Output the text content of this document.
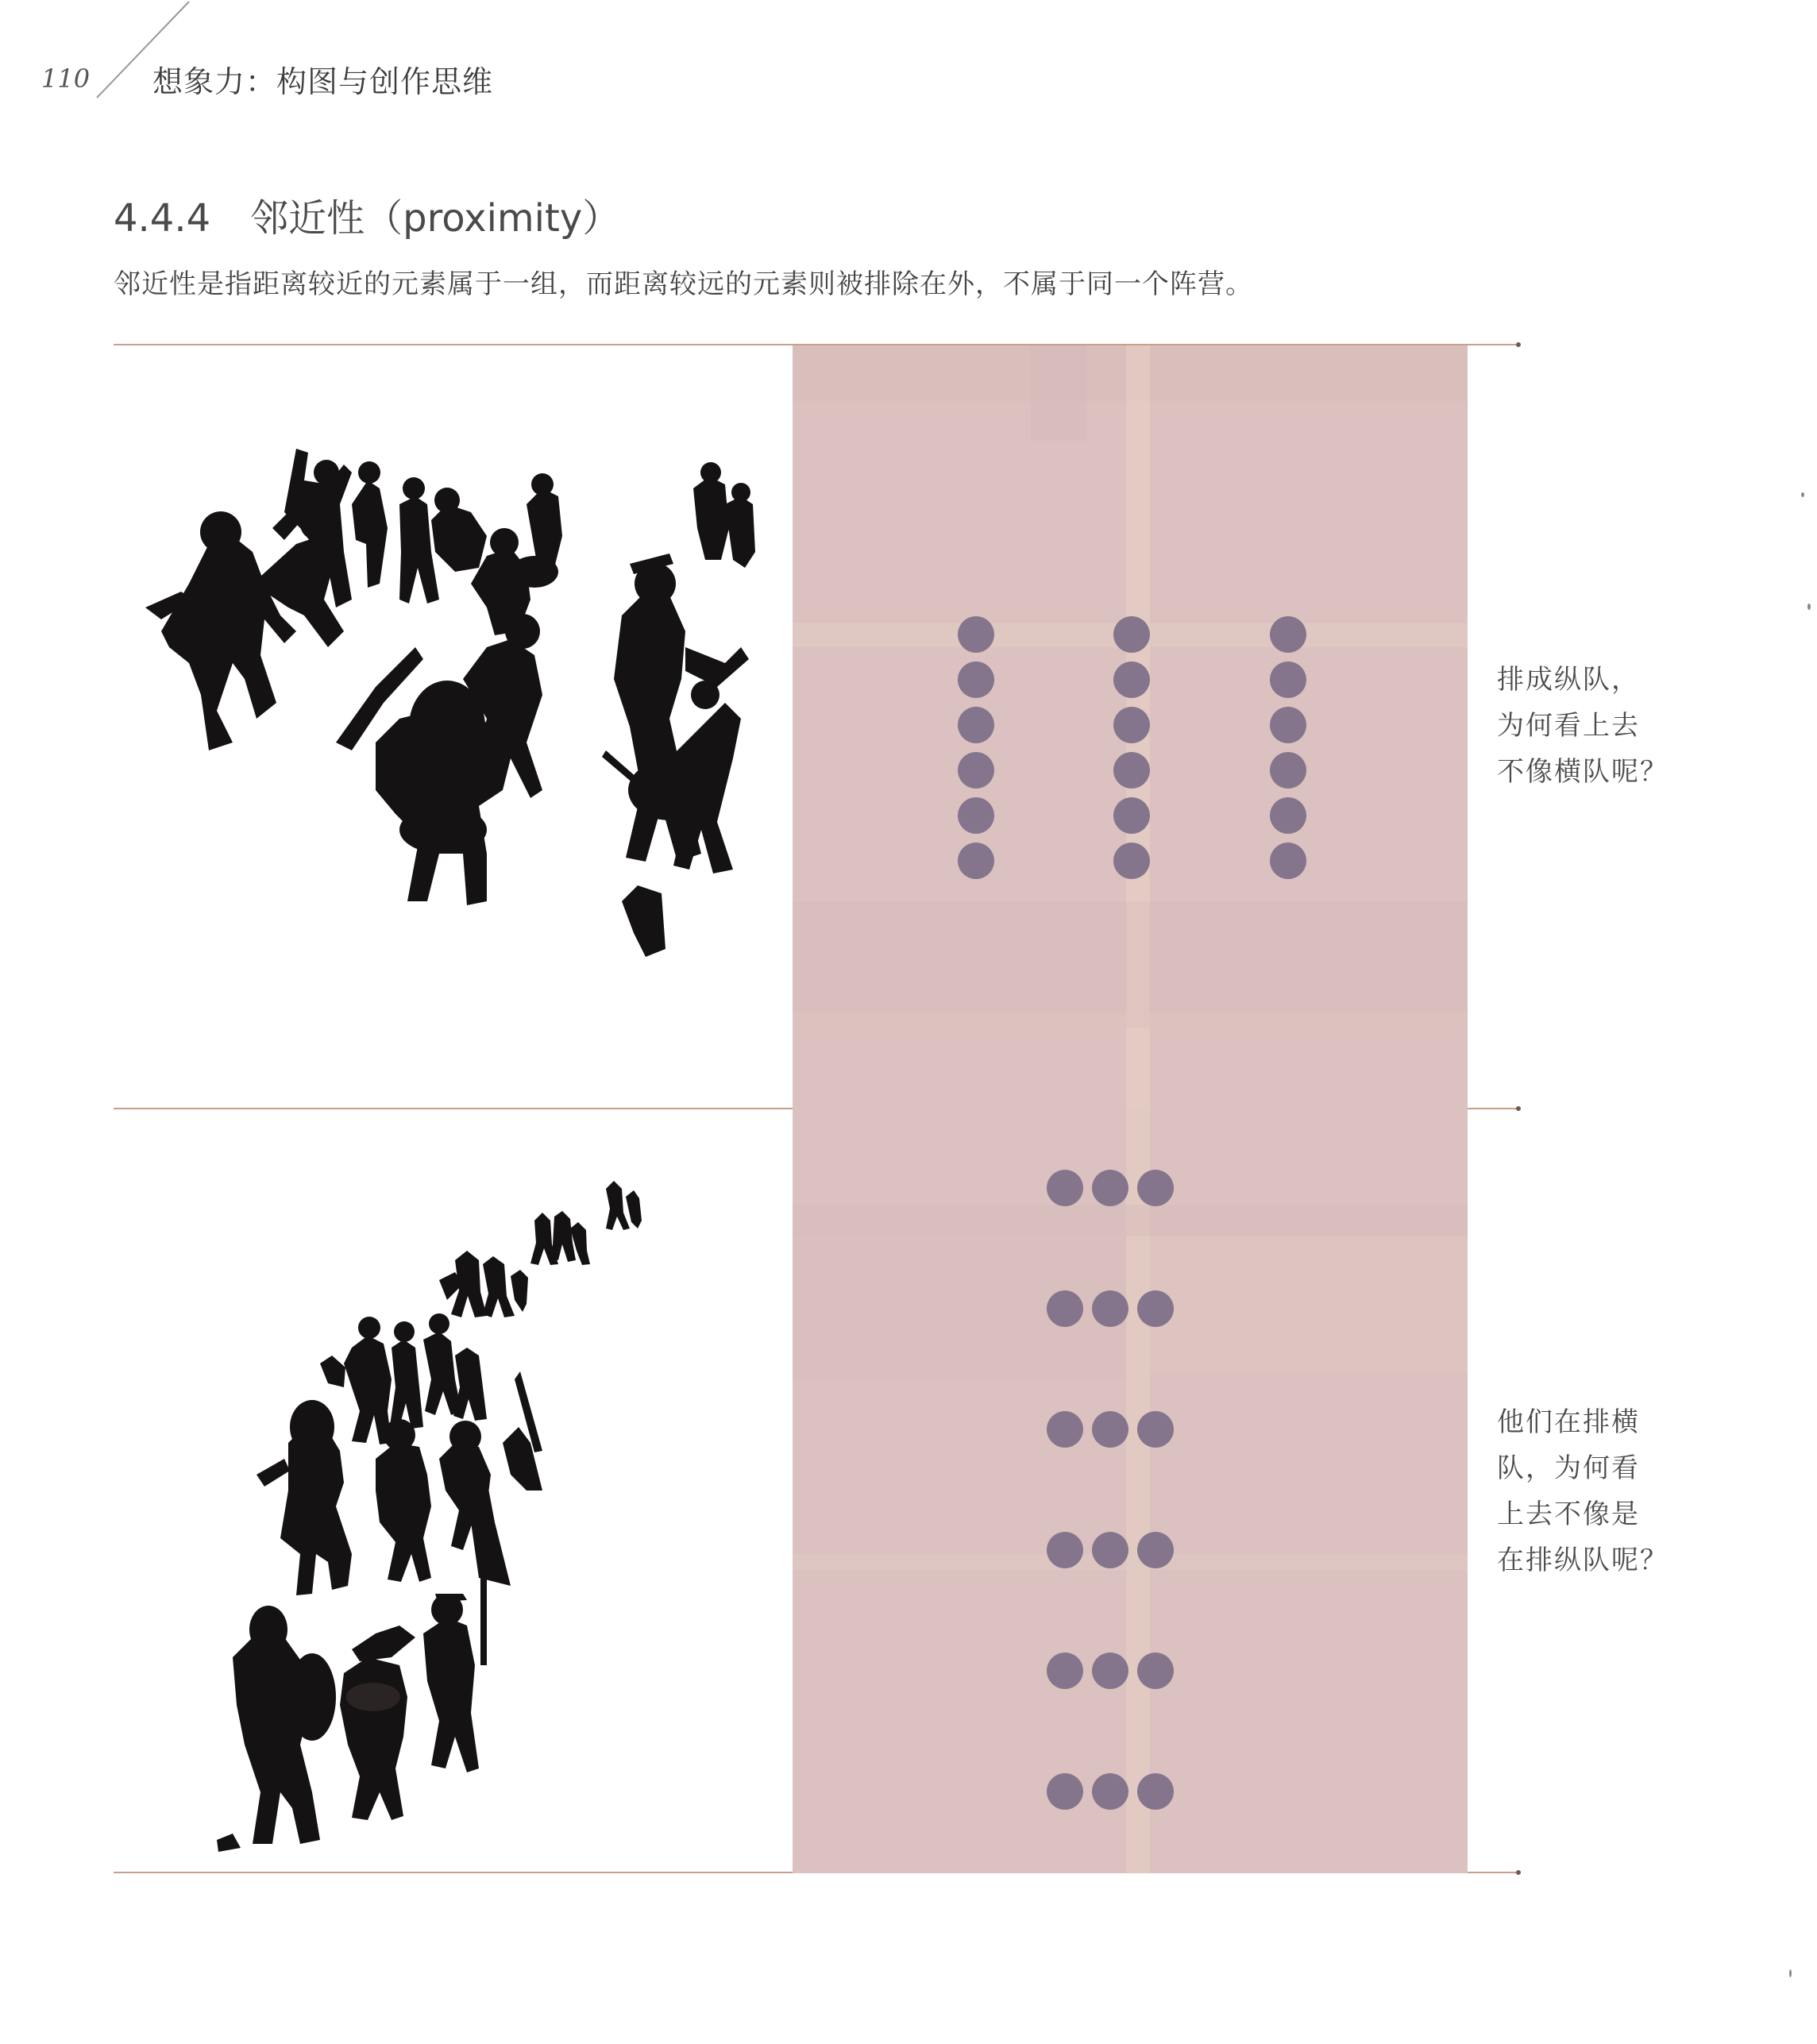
110 想象力：构图与创作思维
4.4.4 邻近性（proximity）
邻近性是指距离较近的元素属于一组，而距离较远的元素则被排除在外，不属于同一个阵营。
排成纵队，
为何看上去
不像横队呢？
他们在排横
队，为何看
上去不像是
在排纵队呢？
